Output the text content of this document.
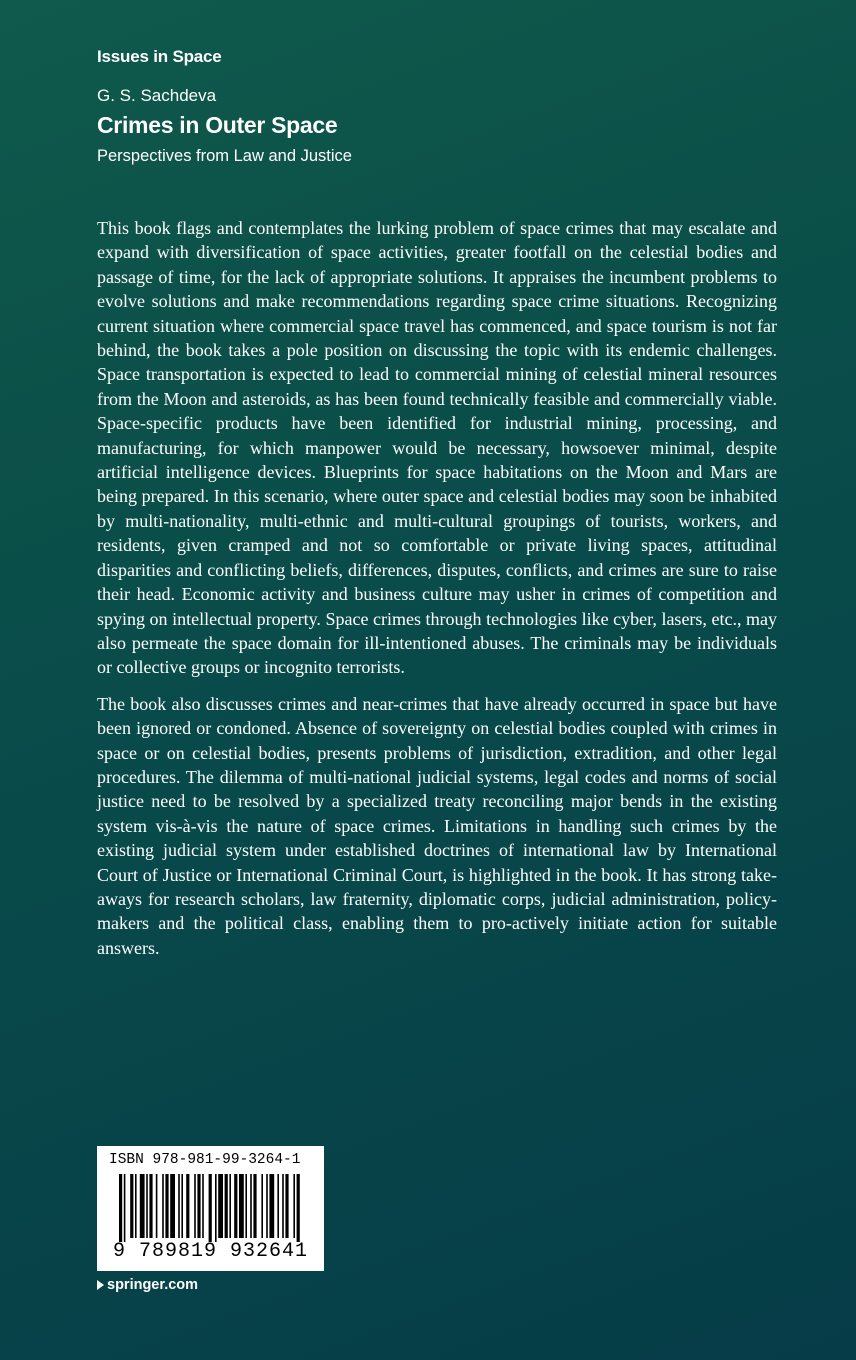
Issues in Space
G. S. Sachdeva
Crimes in Outer Space
Perspectives from Law and Justice

This book flags and contemplates the lurking problem of space crimes that may escalate and expand with diversification of space activities, greater footfall on the celestial bodies and passage of time, for the lack of appropriate solutions. It appraises the incumbent problems to evolve solutions and make recommendations regarding space crime situations. Recognizing current situation where commercial space travel has commenced, and space tourism is not far behind, the book takes a pole position on discussing the topic with its endemic challenges. Space transportation is expected to lead to commercial mining of celestial mineral resources from the Moon and asteroids, as has been found technically feasible and commercially viable. Space-specific products have been identified for industrial mining, processing, and manufacturing, for which manpower would be necessary, howsoever minimal, despite artificial intelligence devices. Blueprints for space habitations on the Moon and Mars are being prepared. In this scenario, where outer space and celestial bodies may soon be inhabited by multi-nationality, multi-ethnic and multi-cultural groupings of tourists, workers, and residents, given cramped and not so comfortable or private living spaces, attitudinal disparities and conflicting beliefs, differences, disputes, conflicts, and crimes are sure to raise their head. Economic activity and business culture may usher in crimes of competition and spying on intellectual property. Space crimes through technologies like cyber, lasers, etc., may also permeate the space domain for ill-intentioned abuses. The criminals may be individuals or collective groups or incognito terrorists.

The book also discusses crimes and near-crimes that have already occurred in space but have been ignored or condoned. Absence of sovereignty on celestial bodies coupled with crimes in space or on celestial bodies, presents problems of jurisdiction, extradition, and other legal procedures. The dilemma of multi-national judicial systems, legal codes and norms of social justice need to be resolved by a specialized treaty reconciling major bends in the existing system vis-à-vis the nature of space crimes. Limitations in handling such crimes by the existing judicial system under established doctrines of international law by International Court of Justice or International Criminal Court, is highlighted in the book. It has strong take-aways for research scholars, law fraternity, diplomatic corps, judicial administration, policy-makers and the political class, enabling them to pro-actively initiate action for suitable answers.

ISBN 978-981-99-3264-1
9 789819 932641
springer.com
